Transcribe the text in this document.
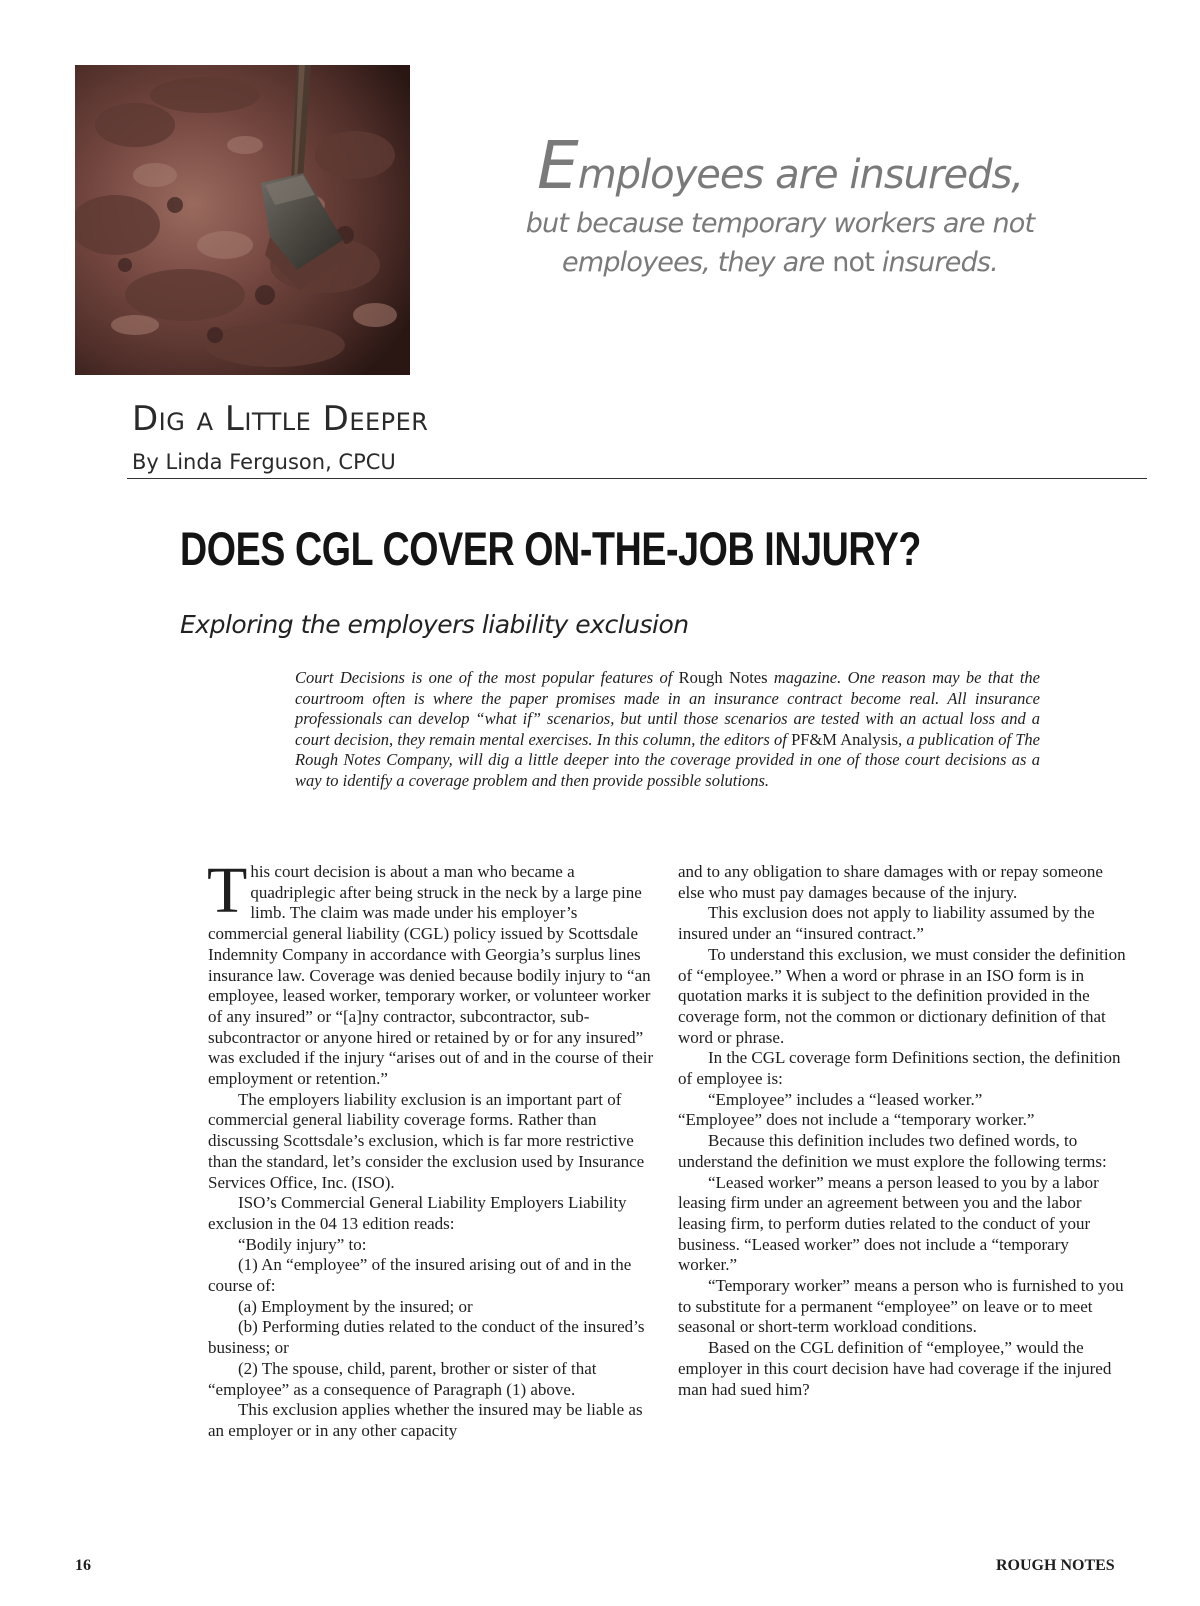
Employees are insureds,
but because temporary workers are not
employees, they are not insureds.
Dig a Little Deeper
By Linda Ferguson, CPCU
DOES CGL COVER ON-THE-JOB INJURY?
Exploring the employers liability exclusion

Court Decisions is one of the most popular features of Rough Notes magazine. One reason may be that the courtroom often is where the paper promises made in an insurance contract become real. All insurance professionals can develop “what if” scenarios, but until those scenarios are tested with an actual loss and a court decision, they remain mental exercises. In this column, the editors of PF&M Analysis, a publication of The Rough Notes Company, will dig a little deeper into the coverage provided in one of those court decisions as a way to identify a coverage problem and then provide possible solutions.

This court decision is about a man who became a quadriplegic after being struck in the neck by a large pine limb. The claim was made under his employer’s commercial general liability (CGL) policy issued by Scottsdale Indemnity Company in accordance with Georgia’s surplus lines insurance law. Coverage was denied because bodily injury to “an employee, leased worker, temporary worker, or volunteer worker of any insured” or “[a]ny contractor, subcontractor, sub-subcontractor or anyone hired or retained by or for any insured” was excluded if the injury “arises out of and in the course of their employment or retention.”

The employers liability exclusion is an important part of commercial general liability coverage forms. Rather than discussing Scottsdale’s exclusion, which is far more restrictive than the standard, let’s consider the exclusion used by Insurance Services Office, Inc. (ISO).

ISO’s Commercial General Liability Employers Liability exclusion in the 04 13 edition reads:

“Bodily injury” to:

(1) An “employee” of the insured arising out of and in the course of:

(a) Employment by the insured; or

(b) Performing duties related to the conduct of the insured’s business; or

(2) The spouse, child, parent, brother or sister of that “employee” as a consequence of Paragraph (1) above.

This exclusion applies whether the insured may be liable as an employer or in any other capacity

and to any obligation to share damages with or repay someone else who must pay damages because of the injury.

This exclusion does not apply to liability assumed by the insured under an “insured contract.”

To understand this exclusion, we must consider the definition of “employee.” When a word or phrase in an ISO form is in quotation marks it is subject to the definition provided in the coverage form, not the common or dictionary definition of that word or phrase.

In the CGL coverage form Definitions section, the definition of employee is:

“Employee” includes a “leased worker.”

“Employee” does not include a “temporary worker.”

Because this definition includes two defined words, to understand the definition we must explore the following terms:

“Leased worker” means a person leased to you by a labor leasing firm under an agreement between you and the labor leasing firm, to perform duties related to the conduct of your business. “Leased worker” does not include a “temporary worker.”

“Temporary worker” means a person who is furnished to you to substitute for a permanent “employee” on leave or to meet seasonal or short-term workload conditions.

Based on the CGL definition of “employee,” would the employer in this court decision have had coverage if the injured man had sued him?

16	ROUGH NOTES
